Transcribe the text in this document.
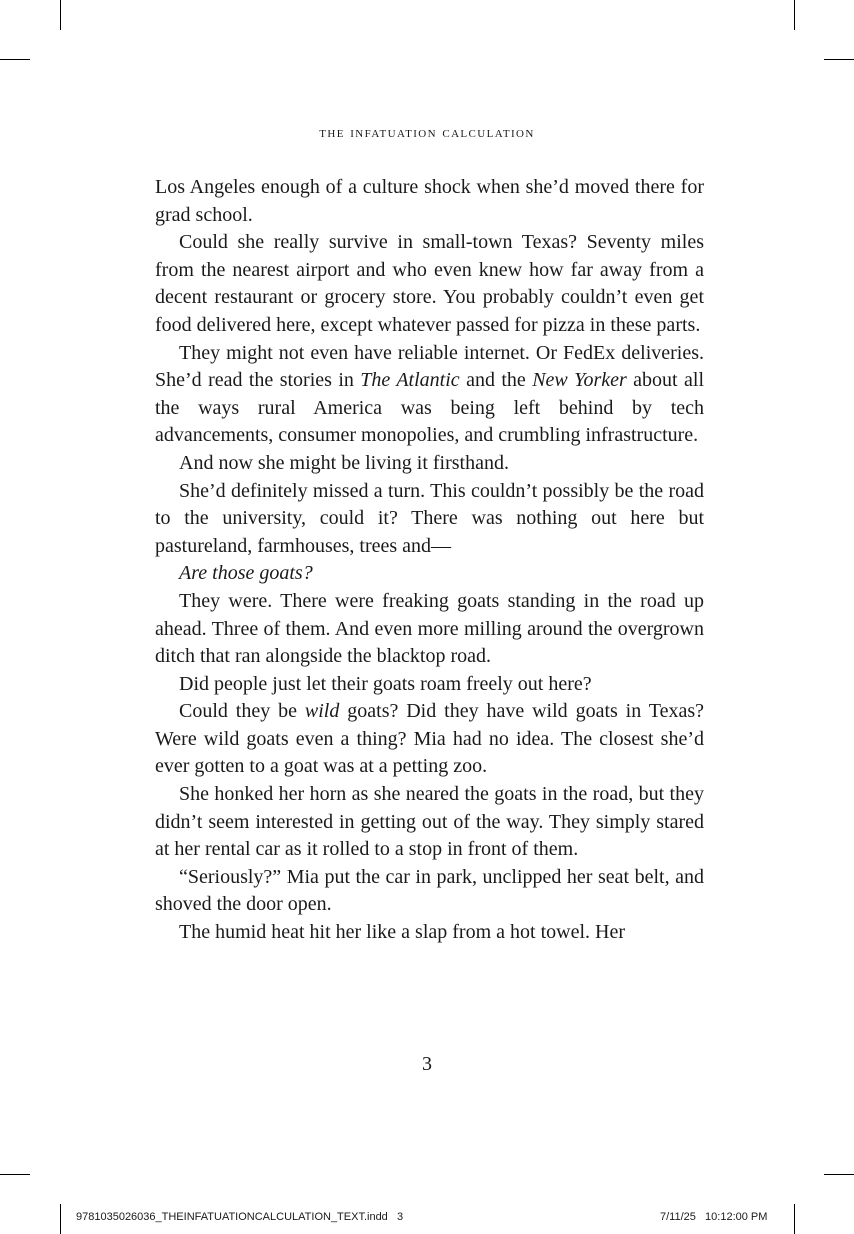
the infatuation calculation

Los Angeles enough of a culture shock when she’d moved there for grad school.

Could she really survive in small-town Texas? Seventy miles from the nearest airport and who even knew how far away from a decent restaurant or grocery store. You probably couldn’t even get food delivered here, except whatever passed for pizza in these parts.

They might not even have reliable internet. Or FedEx deliveries. She’d read the stories in The Atlantic and the New Yorker about all the ways rural America was being left behind by tech advancements, consumer monopolies, and crumbling infrastructure.

And now she might be living it firsthand.

She’d definitely missed a turn. This couldn’t possibly be the road to the university, could it? There was nothing out here but pastureland, farmhouses, trees and—

Are those goats?

They were. There were freaking goats standing in the road up ahead. Three of them. And even more milling around the overgrown ditch that ran alongside the blacktop road.

Did people just let their goats roam freely out here?

Could they be wild goats? Did they have wild goats in Texas? Were wild goats even a thing? Mia had no idea. The closest she’d ever gotten to a goat was at a petting zoo.

She honked her horn as she neared the goats in the road, but they didn’t seem interested in getting out of the way. They simply stared at her rental car as it rolled to a stop in front of them.

“Seriously?” Mia put the car in park, unclipped her seat belt, and shoved the door open.

The humid heat hit her like a slap from a hot towel. Her

3
9781035026036_THEINFATUATIONCALCULATION_TEXT.indd   3	7/11/25   10:12:00 PM
